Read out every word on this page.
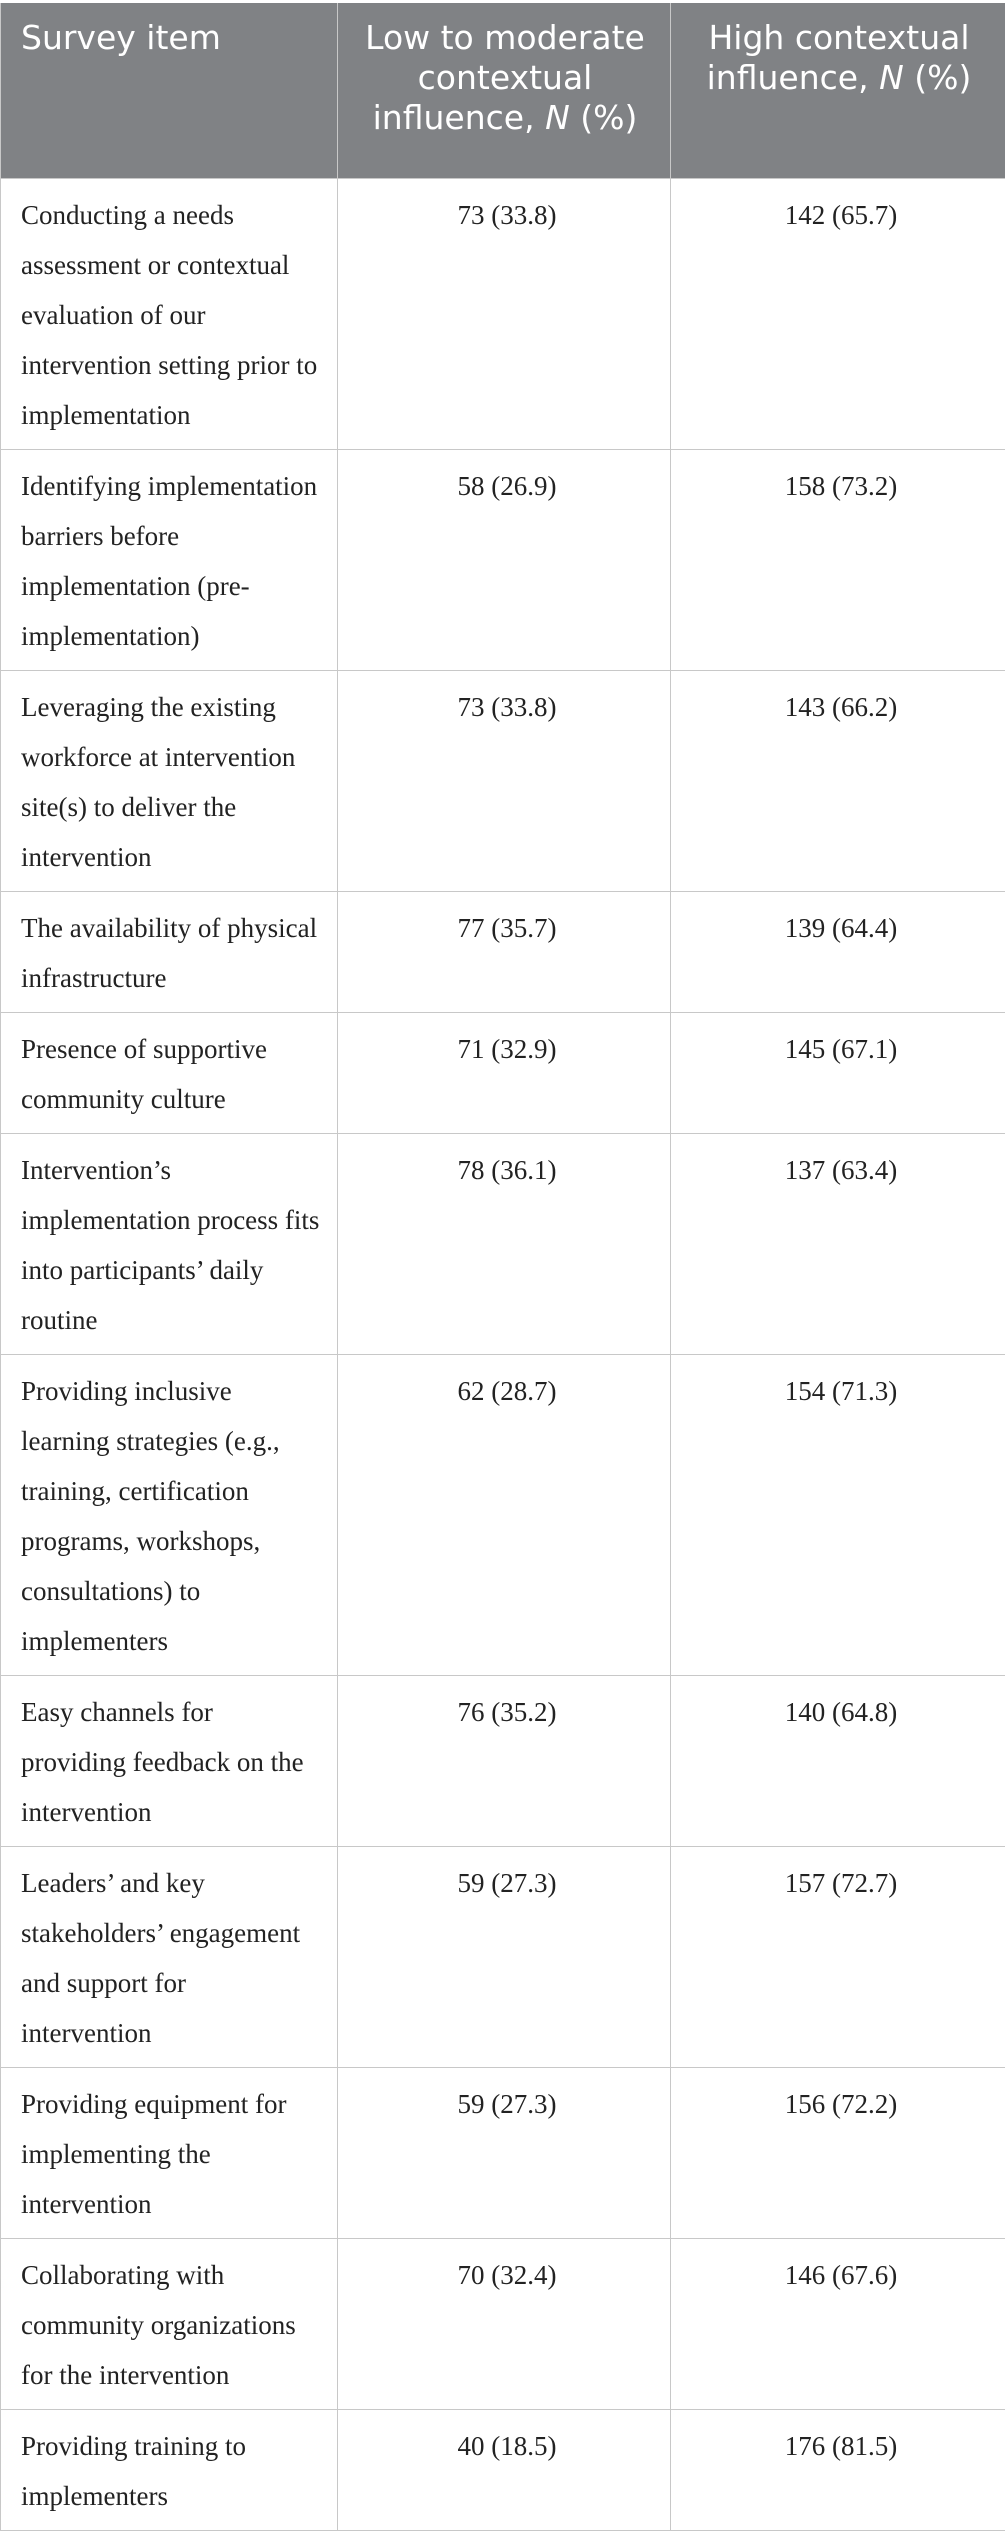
Survey item	Low to moderate contextual influence, N (%)	High contextual influence, N (%)
Conducting a needs assessment or contextual evaluation of our intervention setting prior to implementation	73 (33.8)	142 (65.7)
Identifying implementation barriers before implementation (pre-implementation)	58 (26.9)	158 (73.2)
Leveraging the existing workforce at intervention site(s) to deliver the intervention	73 (33.8)	143 (66.2)
The availability of physical infrastructure	77 (35.7)	139 (64.4)
Presence of supportive community culture	71 (32.9)	145 (67.1)
Intervention’s implementation process fits into participants’ daily routine	78 (36.1)	137 (63.4)
Providing inclusive learning strategies (e.g., training, certification programs, workshops, consultations) to implementers	62 (28.7)	154 (71.3)
Easy channels for providing feedback on the intervention	76 (35.2)	140 (64.8)
Leaders’ and key stakeholders’ engagement and support for intervention	59 (27.3)	157 (72.7)
Providing equipment for implementing the intervention	59 (27.3)	156 (72.2)
Collaborating with community organizations for the intervention	70 (32.4)	146 (67.6)
Providing training to implementers	40 (18.5)	176 (81.5)
